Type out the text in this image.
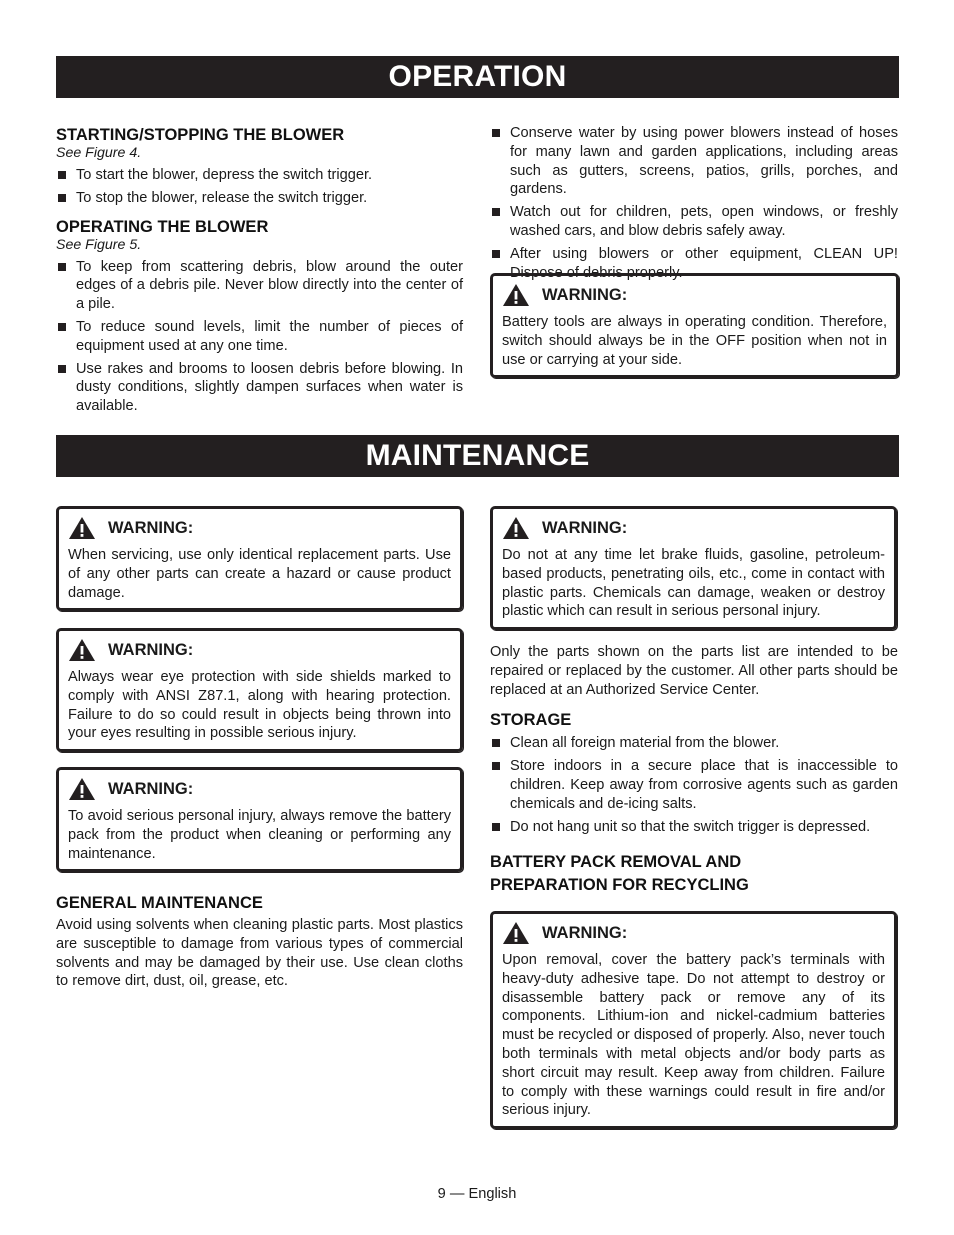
OPERATION
STARTING/STOPPING THE BLOWER
See Figure 4.
To start the blower, depress the switch trigger.
To stop the blower, release the switch trigger.
OPERATING THE BLOWER
See Figure 5.
To keep from scattering debris, blow around the outer edges of a debris pile. Never blow directly into the center of a pile.
To reduce sound levels, limit the number of pieces of equipment used at any one time.
Use rakes and brooms to loosen debris before blowing. In dusty conditions, slightly dampen surfaces when water is available.
Conserve water by using power blowers instead of hoses for many lawn and garden applications, including areas such as gutters, screens, patios, grills, porches, and gardens.
Watch out for children, pets, open windows, or freshly washed cars, and blow debris safely away.
After using blowers or other equipment, CLEAN UP! Dispose of debris properly.
WARNING:

Battery tools are always in operating condition. Therefore, switch should always be in the OFF position when not in use or carrying at your side.

MAINTENANCE
WARNING:

When servicing, use only identical replacement parts. Use of any other parts can create a hazard or cause product damage.

WARNING:

Always wear eye protection with side shields marked to comply with ANSI Z87.1, along with hearing protection. Failure to do so could result in objects being thrown into your eyes resulting in possible serious injury.

WARNING:

To avoid serious personal injury, always remove the battery pack from the product when cleaning or performing any maintenance.

GENERAL MAINTENANCE

Avoid using solvents when cleaning plastic parts. Most plastics are susceptible to damage from various types of commercial solvents and may be damaged by their use. Use clean cloths to remove dirt, dust, oil, grease, etc.

WARNING:

Do not at any time let brake fluids, gasoline, petroleum-based products, penetrating oils, etc., come in contact with plastic parts. Chemicals can damage, weaken or destroy plastic which can result in serious personal injury.

Only the parts shown on the parts list are intended to be repaired or replaced by the customer. All other parts should be replaced at an Authorized Service Center.

STORAGE
Clean all foreign material from the blower.
Store indoors in a secure place that is inaccessible to children. Keep away from corrosive agents such as garden chemicals and de-icing salts.
Do not hang unit so that the switch trigger is depressed.
BATTERY PACK REMOVAL AND
PREPARATION FOR RECYCLING
WARNING:

Upon removal, cover the battery pack’s terminals with heavy-duty adhesive tape. Do not attempt to destroy or disassemble battery pack or remove any of its components. Lithium-ion and nickel-cadmium batteries must be recycled or disposed of properly. Also, never touch both terminals with metal objects and/or body parts as short circuit may result. Keep away from children. Failure to comply with these warnings could result in fire and/or serious injury.

9 — English
